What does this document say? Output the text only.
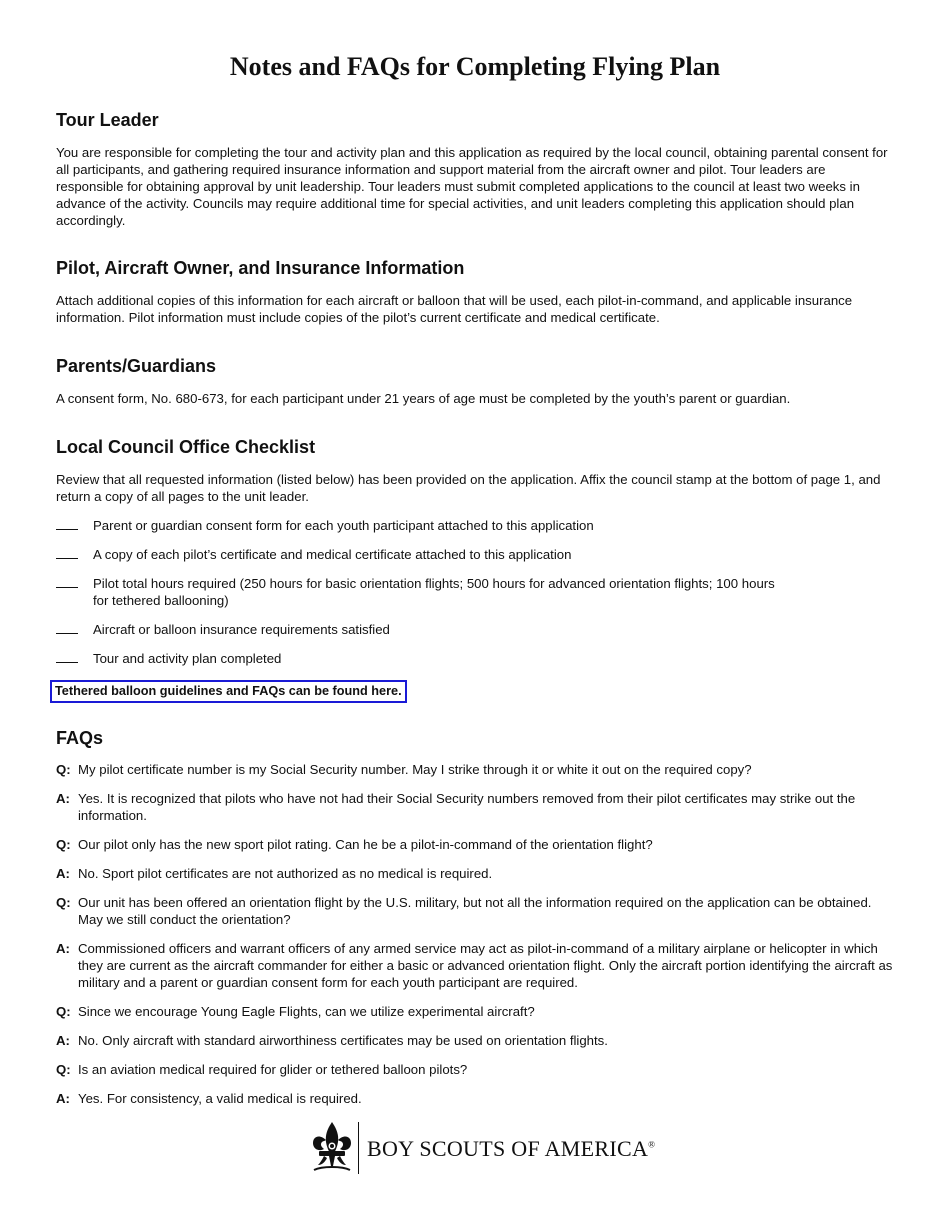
Notes and FAQs for Completing Flying Plan
Tour Leader
You are responsible for completing the tour and activity plan and this application as required by the local council, obtaining parental consent for all participants, and gathering required insurance information and support material from the aircraft owner and pilot. Tour leaders are responsible for obtaining approval by unit leadership. Tour leaders must submit completed applications to the council at least two weeks in advance of the activity. Councils may require additional time for special activities, and unit leaders completing this application should plan accordingly.
Pilot, Aircraft Owner, and Insurance Information
Attach additional copies of this information for each aircraft or balloon that will be used, each pilot-in-command, and applicable insurance information. Pilot information must include copies of the pilot’s current certificate and medical certificate.
Parents/Guardians
A consent form, No. 680-673, for each participant under 21 years of age must be completed by the youth’s parent or guardian.
Local Council Office Checklist
Review that all requested information (listed below) has been provided on the application. Affix the council stamp at the bottom of page 1, and return a copy of all pages to the unit leader.
Parent or guardian consent form for each youth participant attached to this application
A copy of each pilot’s certificate and medical certificate attached to this application
Pilot total hours required (250 hours for basic orientation flights; 500 hours for advanced orientation flights; 100 hours for tethered ballooning)
Aircraft or balloon insurance requirements satisfied
Tour and activity plan completed
Tethered balloon guidelines and FAQs can be found here.
FAQs
Q: My pilot certificate number is my Social Security number. May I strike through it or white it out on the required copy?
A: Yes. It is recognized that pilots who have not had their Social Security numbers removed from their pilot certificates may strike out the information.
Q: Our pilot only has the new sport pilot rating. Can he be a pilot-in-command of the orientation flight?
A: No. Sport pilot certificates are not authorized as no medical is required.
Q: Our unit has been offered an orientation flight by the U.S. military, but not all the information required on the application can be obtained. May we still conduct the orientation?
A: Commissioned officers and warrant officers of any armed service may act as pilot-in-command of a military airplane or helicopter in which they are current as the aircraft commander for either a basic or advanced orientation flight. Only the aircraft portion identifying the aircraft as military and a parent or guardian consent form for each youth participant are required.
Q: Since we encourage Young Eagle Flights, can we utilize experimental aircraft?
A: No. Only aircraft with standard airworthiness certificates may be used on orientation flights.
Q: Is an aviation medical required for glider or tethered balloon pilots?
A: Yes. For consistency, a valid medical is required.
BOY SCOUTS OF AMERICA®
